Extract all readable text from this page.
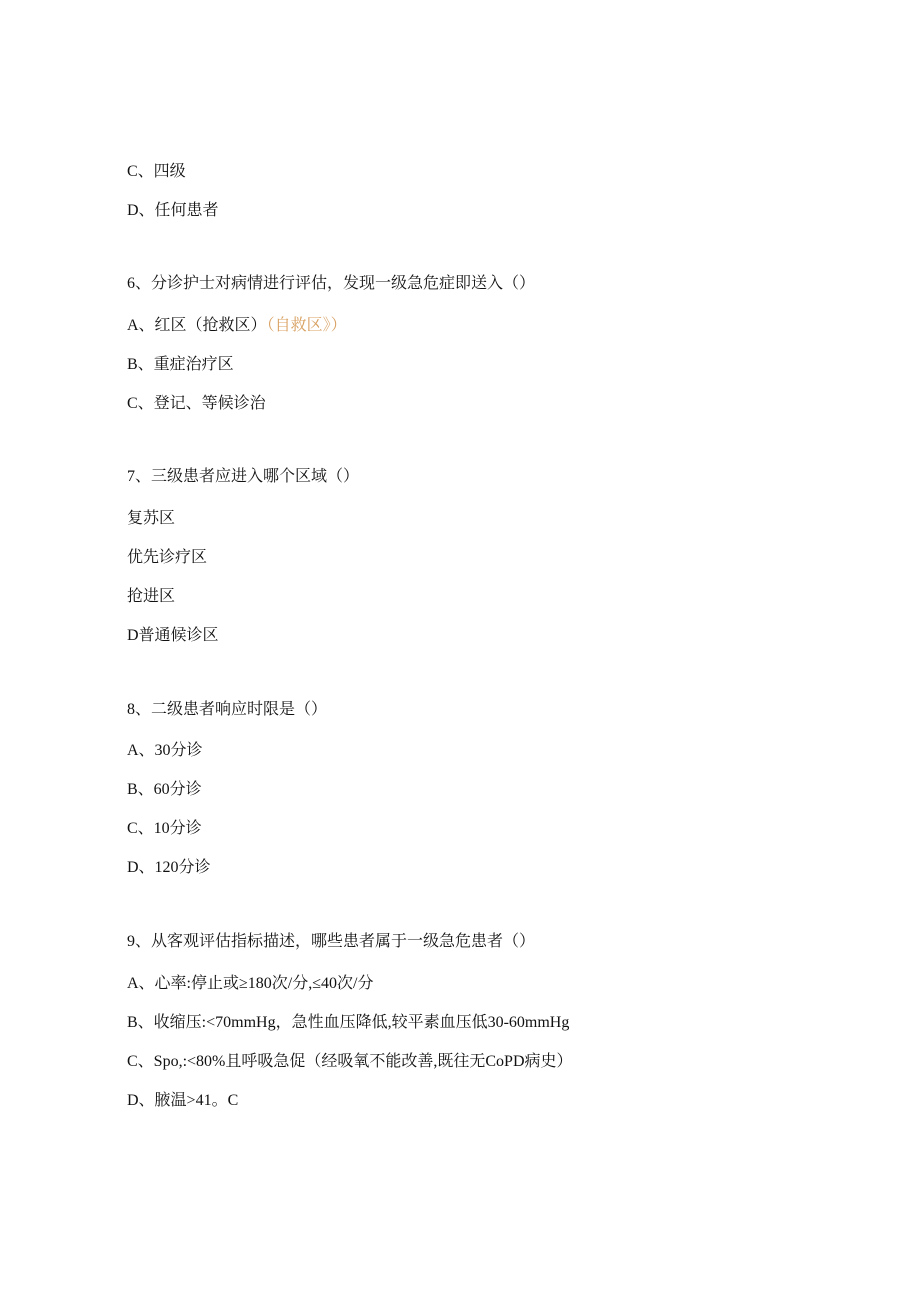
C、四级
D、任何患者
6、分诊护士对病情进行评估，发现一级急危症即送入（）
A、红区（抢救区）（自救区》）
B、重症治疗区
C、登记、等候诊治
7、三级患者应进入哪个区域（）
复苏区
优先诊疗区
抢进区
D普通候诊区
8、二级患者响应时限是（）
A、30分诊
B、60分诊
C、10分诊
D、120分诊
9、从客观评估指标描述，哪些患者属于一级急危患者（）
A、心率:停止或≥180次/分,≤40次/分
B、收缩压:<70mmHg，急性血压降低,较平素血压低30-60mmHg
C、Spo,:<80%且呼吸急促（经吸氧不能改善,既往无CoPD病史）
D、腋温>41。C
